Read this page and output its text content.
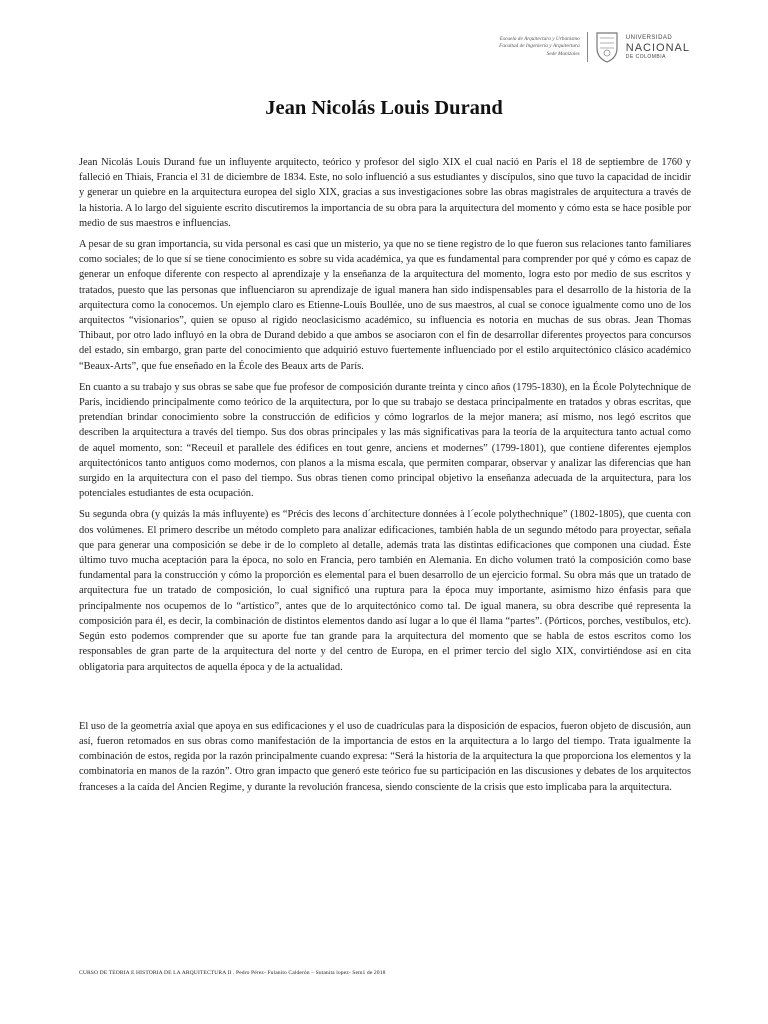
Escuela de Arquitectura y Urbanismo
Facultad de Ingeniería y Arquitectura
Sede Manizales
UNIVERSIDAD
NACIONAL
DE COLOMBIA
Jean Nicolás Louis Durand

Jean Nicolás Louis Durand fue un influyente arquitecto, teórico y profesor del siglo XIX el cual nació en París el 18 de septiembre de 1760 y falleció en Thiais, Francia el 31 de diciembre de 1834. Este, no solo influenció a sus estudiantes y discípulos, sino que tuvo la capacidad de incidir y generar un quiebre en la arquitectura europea del siglo XIX, gracias a sus investigaciones sobre las obras magistrales de arquitectura a través de la historia. A lo largo del siguiente escrito discutiremos la importancia de su obra para la arquitectura del momento y cómo esta se hace posible por medio de sus maestros e influencias.

A pesar de su gran importancia, su vida personal es casi que un misterio, ya que no se tiene registro de lo que fueron sus relaciones tanto familiares como sociales; de lo que sí se tiene conocimiento es sobre su vida académica, ya que es fundamental para comprender por qué y cómo es capaz de generar un enfoque diferente con respecto al aprendizaje y la enseñanza de la arquitectura del momento, logra esto por medio de sus escritos y tratados, puesto que las personas que influenciaron su aprendizaje de igual manera han sido indispensables para el desarrollo de la historia de la arquitectura como la conocemos. Un ejemplo claro es Etienne-Louis Boullée, uno de sus maestros, al cual se conoce igualmente como uno de los arquitectos “visionarios”, quien se opuso al rígido neoclasicismo académico, su influencia es notoria en muchas de sus obras. Jean Thomas Thibaut, por otro lado influyó en la obra de Durand debido a que ambos se asociaron con el fin de desarrollar diferentes proyectos para concursos del estado, sin embargo, gran parte del conocimiento que adquirió estuvo fuertemente influenciado por el estilo arquitectónico clásico académico “Beaux-Arts”, que fue enseñado en la École des Beaux arts de París.

En cuanto a su trabajo y sus obras se sabe que fue profesor de composición durante treinta y cinco años (1795-1830), en la École Polytechnique de París, incidiendo principalmente como teórico de la arquitectura, por lo que su trabajo se destaca principalmente en tratados y obras escritas, que pretendían brindar conocimiento sobre la construcción de edificios y cómo lograrlos de la mejor manera; así mismo, nos legó escritos que describen la arquitectura a través del tiempo. Sus dos obras principales y las más significativas para la teoría de la arquitectura tanto actual como de aquel momento, son: “Receuil et parallele des édifices en tout genre, anciens et modernes” (1799-1801), que contiene diferentes ejemplos arquitectónicos tanto antiguos como modernos, con planos a la misma escala, que permiten comparar, observar y analizar las diferencias que han surgido en la arquitectura con el paso del tiempo. Sus obras tienen como principal objetivo la enseñanza adecuada de la arquitectura, para los potenciales estudiantes de esta ocupación.

Su segunda obra (y quizás la más influyente) es “Précis des lecons d´architecture données à l´ecole polythechnique” (1802-1805), que cuenta con dos volúmenes. El primero describe un método completo para analizar edificaciones, también habla de un segundo método para proyectar, señala que para generar una composición se debe ir de lo completo al detalle, además trata las distintas edificaciones que componen una ciudad. Éste último tuvo mucha aceptación para la época, no solo en Francia, pero también en Alemania. En dicho volumen trató la composición como base fundamental para la construcción y cómo la proporción es elemental para el buen desarrollo de un ejercicio formal. Su obra más que un tratado de arquitectura fue un tratado de composición, lo cual significó una ruptura para la época muy importante, asimismo hizo énfasis para que principalmente nos ocupemos de lo “artístico”, antes que de lo arquitectónico como tal. De igual manera, su obra describe qué representa la composición para él, es decir, la combinación de distintos elementos dando así lugar a lo que él llama “partes”. (Pórticos, porches, vestíbulos, etc). Según esto podemos comprender que su aporte fue tan grande para la arquitectura del momento que se habla de estos escritos como los responsables de gran parte de la arquitectura del norte y del centro de Europa, en el primer tercio del siglo XIX, convirtiéndose así en cita obligatoria para arquitectos de aquella época y de la actualidad.

El uso de la geometría axial que apoya en sus edificaciones y el uso de cuadrículas para la disposición de espacios, fueron objeto de discusión, aun así, fueron retomados en sus obras como manifestación de la importancia de estos en la arquitectura a lo largo del tiempo. Trata igualmente la combinación de estos, regida por la razón principalmente cuando expresa: “Será la historia de la arquitectura la que proporciona los elementos y la combinatoria en manos de la razón”. Otro gran impacto que generó este teórico fue su participación en las discusiones y debates de los arquitectos franceses a la caída del Ancien Regime, y durante la revolución francesa, siendo consciente de la crisis que esto implicaba para la arquitectura.

CURSO DE TEORIA E HISTORIA DE LA ARQUITECTURA II . Pedro Pérez- Fulanito Calderón – Sutanita lopez- Sem1 de 2018
